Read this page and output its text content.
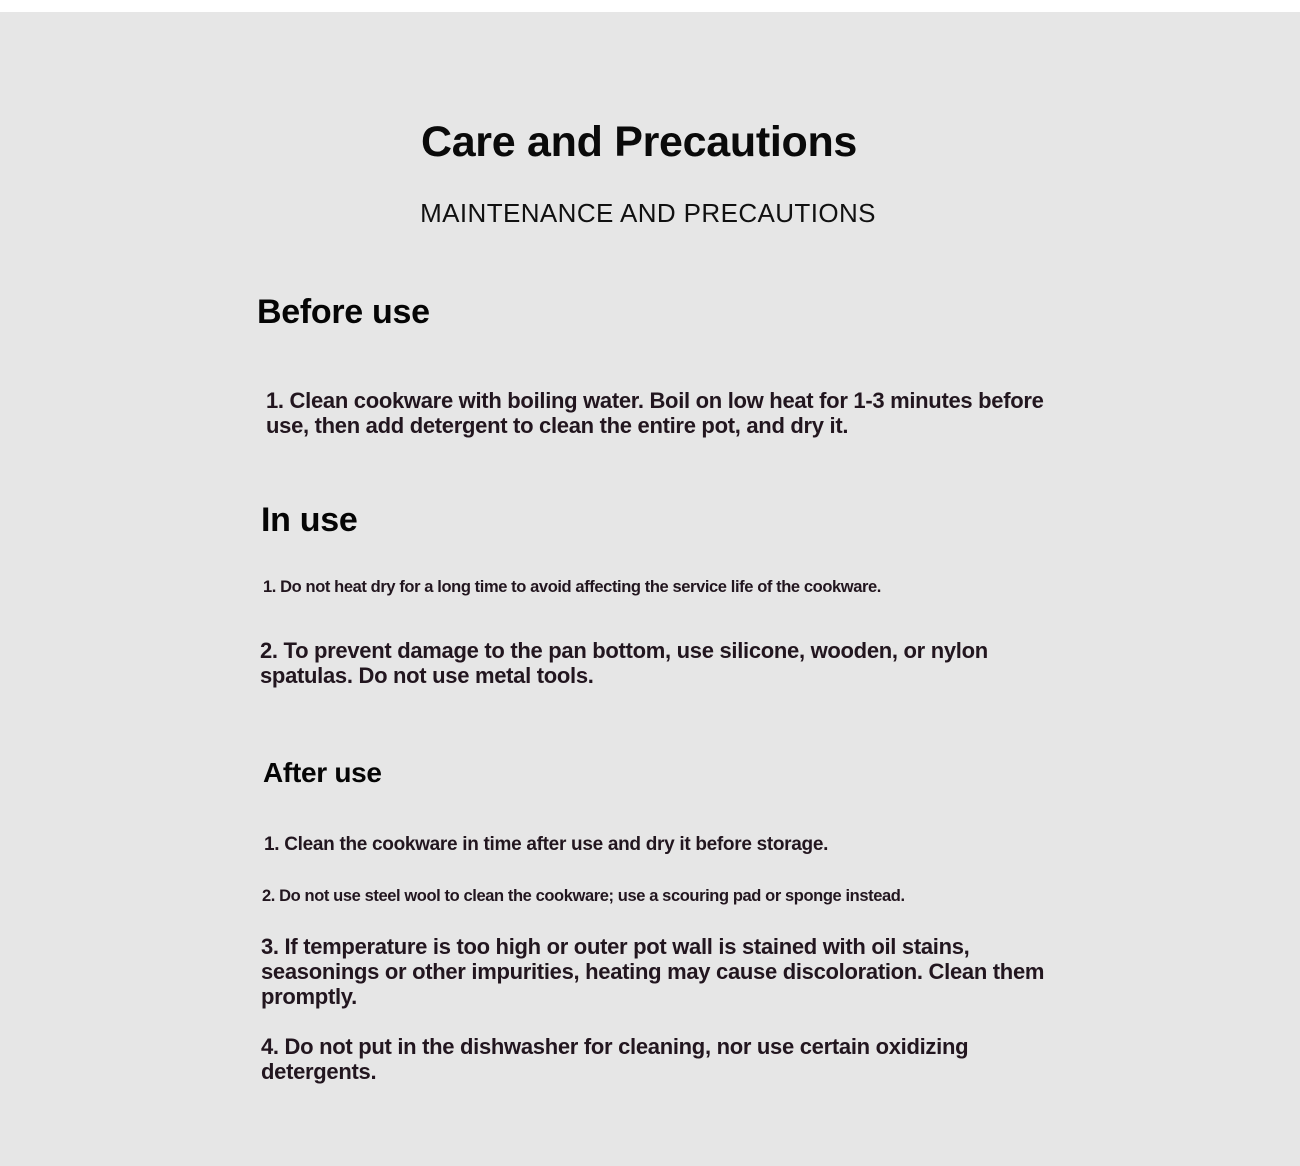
Care and Precautions
MAINTENANCE AND PRECAUTIONS
Before use

1. Clean cookware with boiling water. Boil on low heat for 1-3 minutes before use, then add detergent to clean the entire pot, and dry it.

In use

1. Do not heat dry for a long time to avoid affecting the service life of the cookware.

2. To prevent damage to the pan bottom, use silicone, wooden, or nylon spatulas. Do not use metal tools.

After use

1. Clean the cookware in time after use and dry it before storage.

2. Do not use steel wool to clean the cookware; use a scouring pad or sponge instead.

3. If temperature is too high or outer pot wall is stained with oil stains, seasonings or other impurities, heating may cause discoloration. Clean them promptly.

4. Do not put in the dishwasher for cleaning, nor use certain oxidizing detergents.
